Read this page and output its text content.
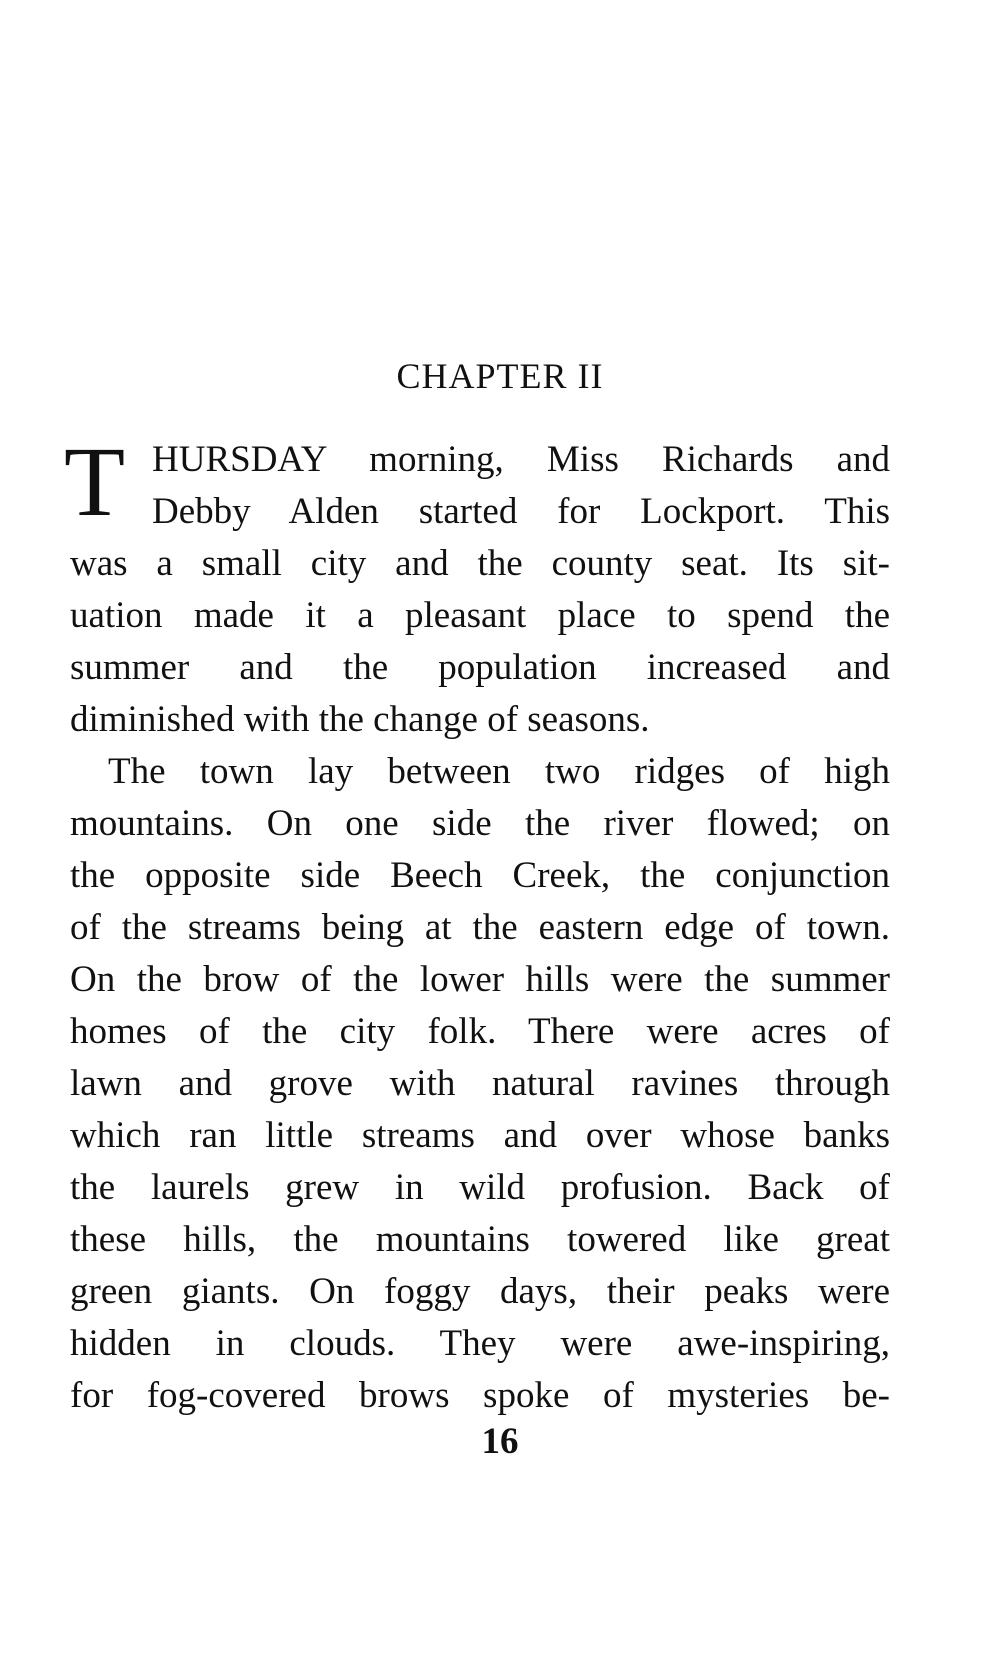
CHAPTER II
T HURSDAY morning, Miss Richards and
Debby Alden started for Lockport. This
was a small city and the county seat. Its sit-
uation made it a pleasant place to spend the
summer and the population increased and
diminished with the change of seasons.
The town lay between two ridges of high
mountains. On one side the river flowed; on
the opposite side Beech Creek, the conjunction
of the streams being at the eastern edge of town.
On the brow of the lower hills were the summer
homes of the city folk. There were acres of
lawn and grove with natural ravines through
which ran little streams and over whose banks
the laurels grew in wild profusion. Back of
these hills, the mountains towered like great
green giants. On foggy days, their peaks were
hidden in clouds. They were awe-inspiring,
for fog-covered brows spoke of mysteries be-
16
